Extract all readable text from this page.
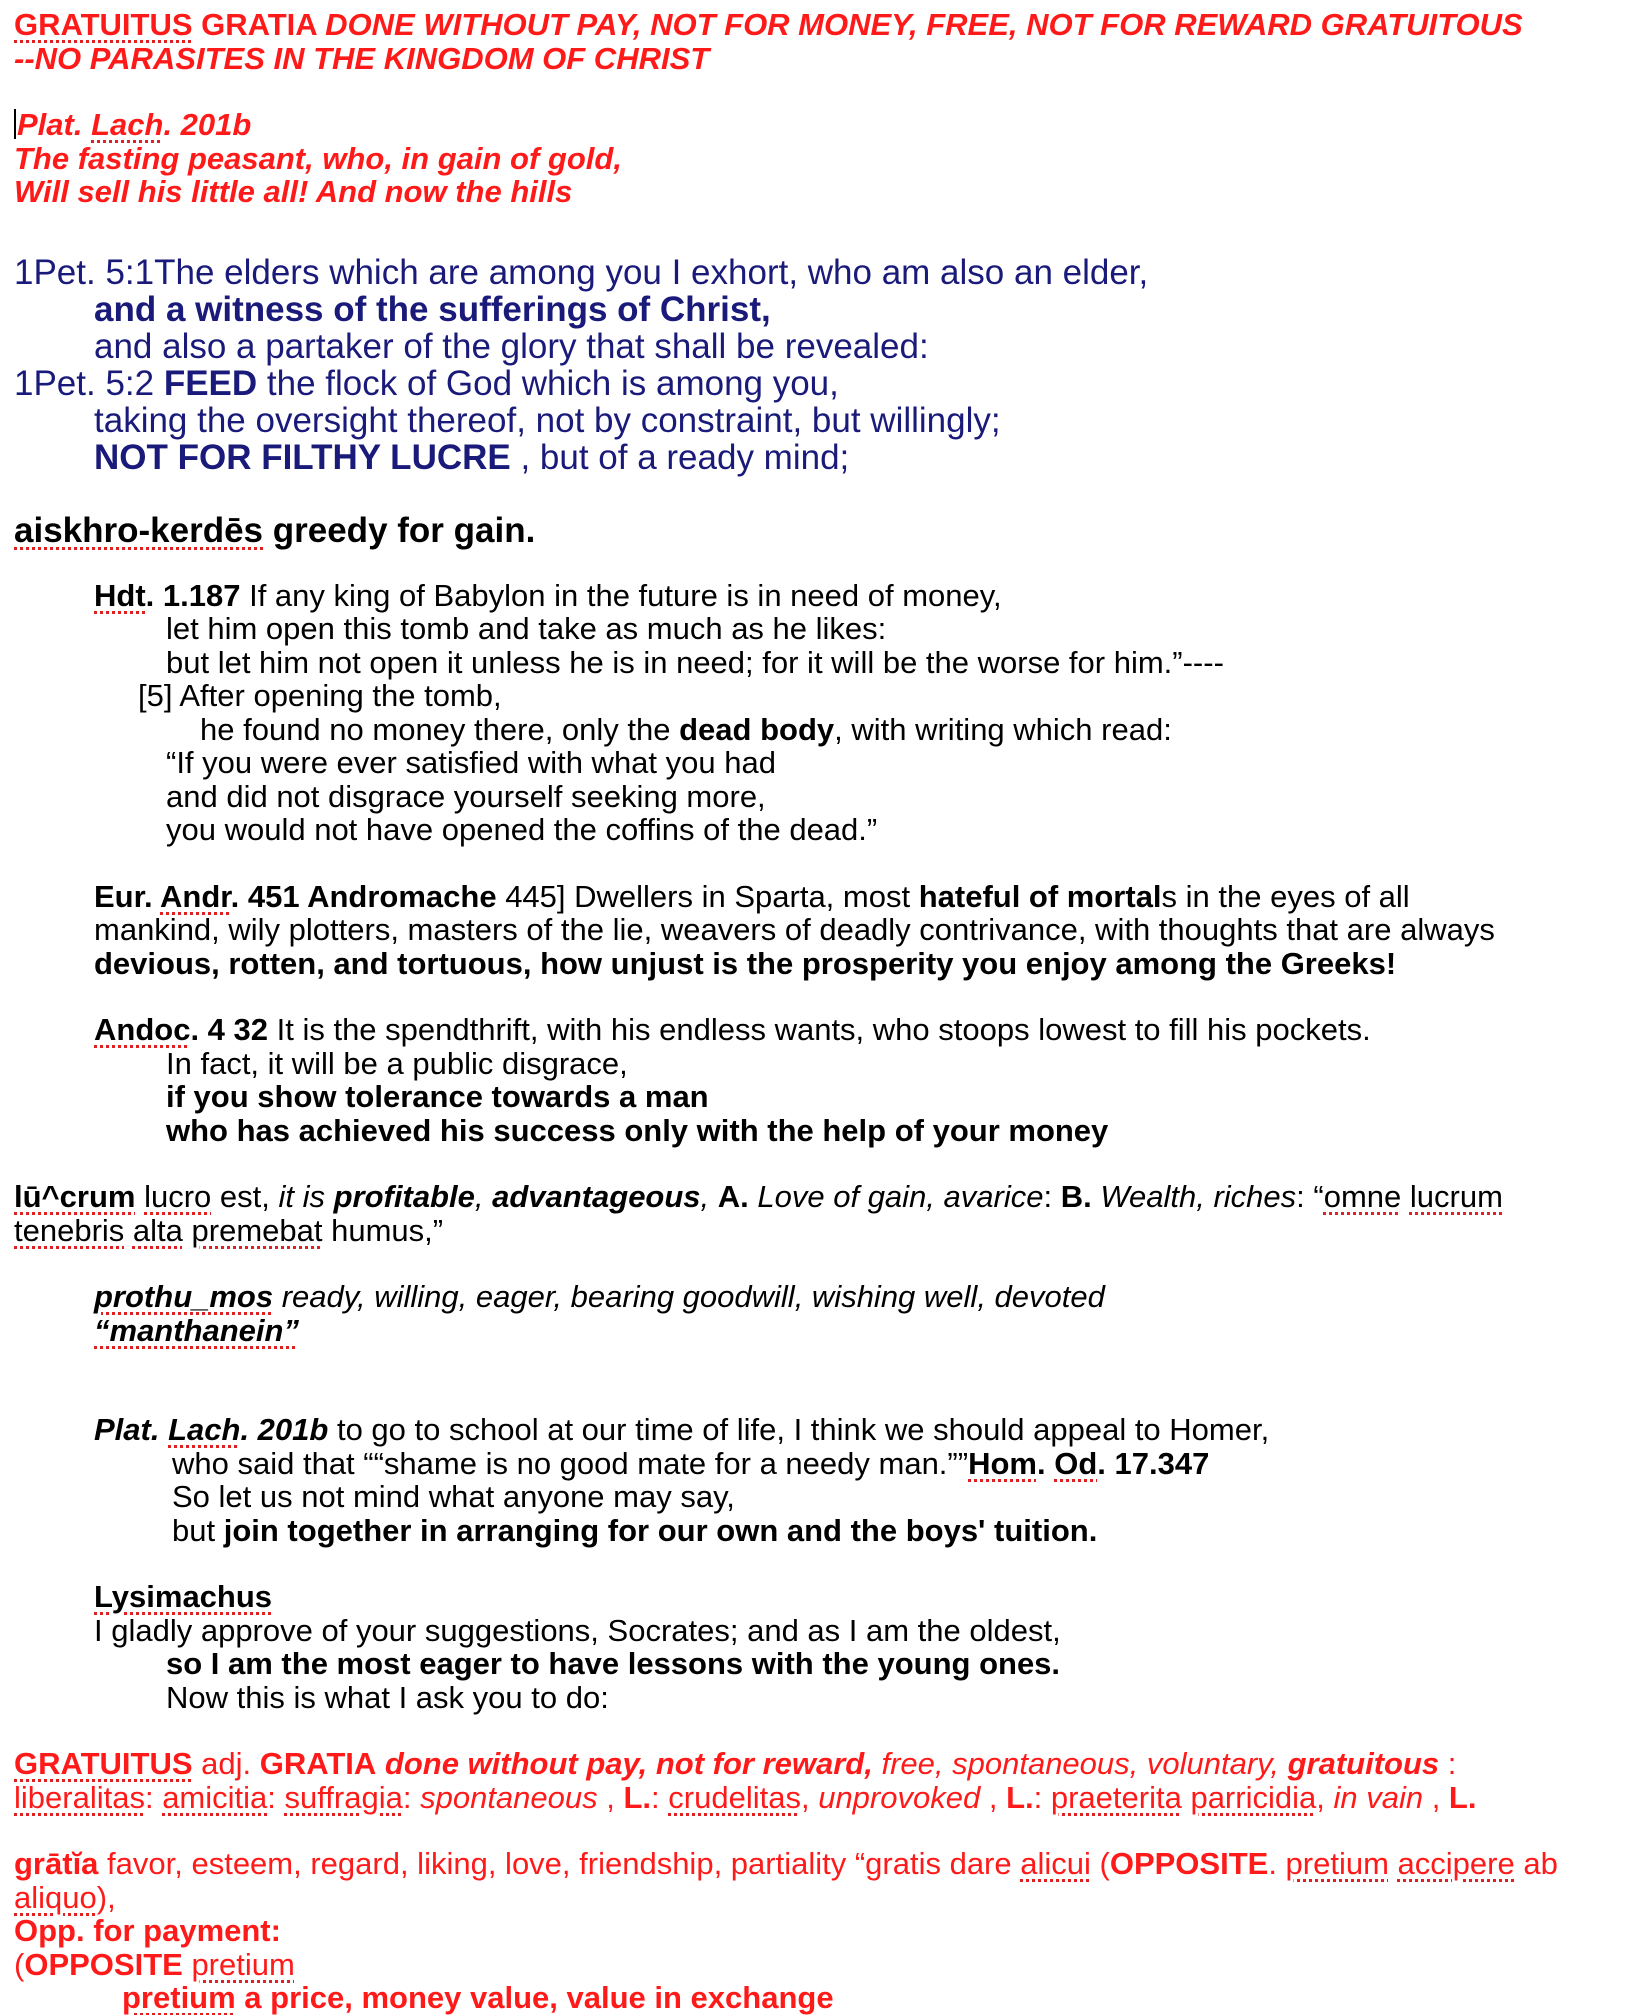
GRATUITUS GRATIA DONE WITHOUT PAY, NOT FOR MONEY, FREE, NOT FOR REWARD GRATUITOUS

--NO PARASITES IN THE KINGDOM OF CHRIST

Plat. Lach. 201b

The fasting peasant, who, in gain of gold,

Will sell his little all! And now the hills

1Pet. 5:1The elders which are among you I exhort, who am also an elder,

and a witness of the sufferings of Christ,

and also a partaker of the glory that shall be revealed:

1Pet. 5:2 FEED the flock of God which is among you,

taking the oversight thereof, not by constraint, but willingly;

NOT FOR FILTHY LUCRE , but of a ready mind;

aiskhro-kerdēs greedy for gain.

Hdt. 1.187 If any king of Babylon in the future is in need of money,

let him open this tomb and take as much as he likes:

but let him not open it unless he is in need; for it will be the worse for him.”----

[5] After opening the tomb,

he found no money there, only the dead body, with writing which read:

“If you were ever satisfied with what you had

and did not disgrace yourself seeking more,

you would not have opened the coffins of the dead.”

Eur. Andr. 451 Andromache 445] Dwellers in Sparta, most hateful of mortals in the eyes of all

mankind, wily plotters, masters of the lie, weavers of deadly contrivance, with thoughts that are always

devious, rotten, and tortuous, how unjust is the prosperity you enjoy among the Greeks!

Andoc. 4 32 It is the spendthrift, with his endless wants, who stoops lowest to fill his pockets.

In fact, it will be a public disgrace,

if you show tolerance towards a man

who has achieved his success only with the help of your money

lū^crum lucro est, it is profitable, advantageous, A. Love of gain, avarice: B. Wealth, riches: “omne lucrum

tenebris alta premebat humus,”

prothu_mos ready, willing, eager, bearing goodwill, wishing well, devoted

“manthanein”

Plat. Lach. 201b to go to school at our time of life, I think we should appeal to Homer,

who said that ““shame is no good mate for a needy man.””Hom. Od. 17.347

So let us not mind what anyone may say,

but join together in arranging for our own and the boys' tuition.

Lysimachus

I gladly approve of your suggestions, Socrates; and as I am the oldest,

so I am the most eager to have lessons with the young ones.

Now this is what I ask you to do:

GRATUITUS adj. GRATIA done without pay, not for reward, free, spontaneous, voluntary, gratuitous :

liberalitas: amicitia: suffragia: spontaneous , L.: crudelitas, unprovoked , L.: praeterita parricidia, in vain , L.

grātĭa favor, esteem, regard, liking, love, friendship, partiality “gratis dare alicui (OPPOSITE. pretium accipere ab

aliquo),

Opp. for payment:

(OPPOSITE pretium

pretium a price, money value, value in exchange
